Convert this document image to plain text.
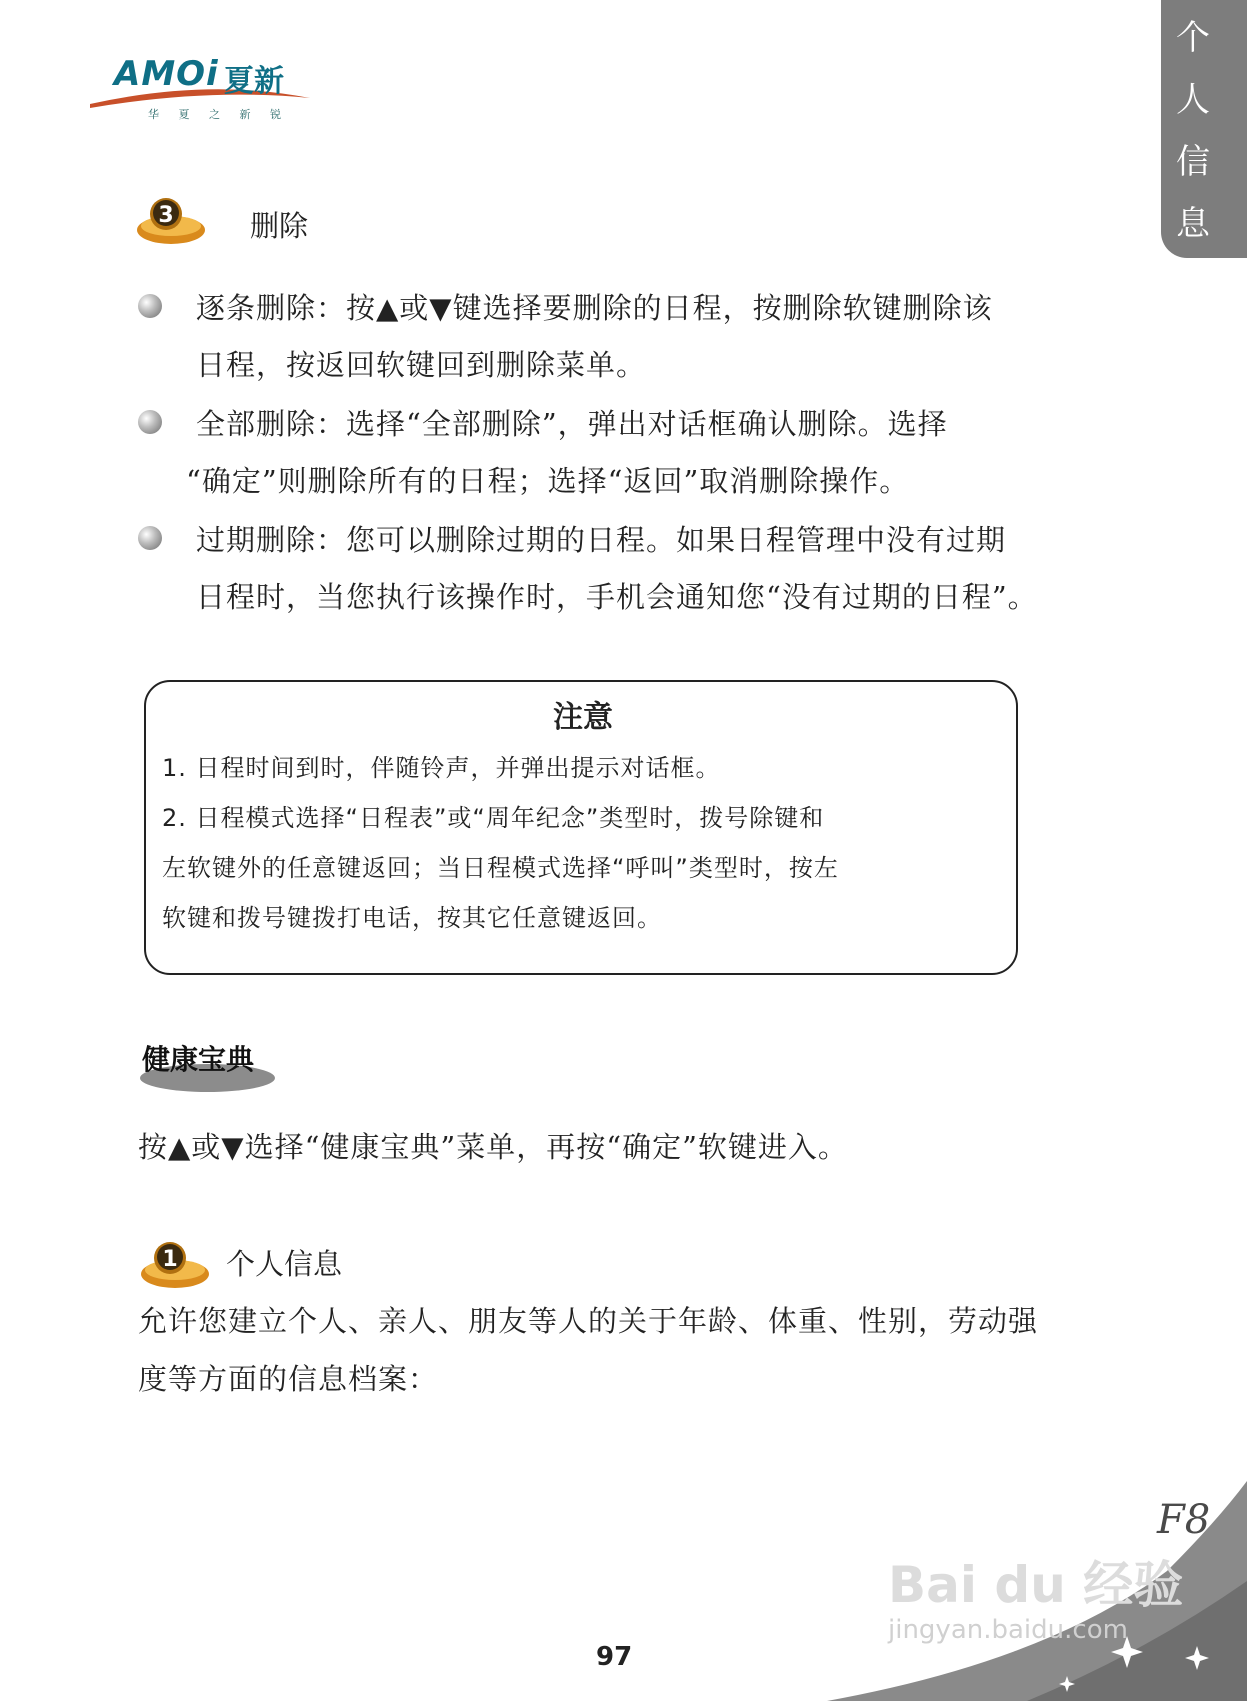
AMOi 夏新
华 夏 之 新 锐
个
人
信
息
3	删除
逐条删除：按▲或▼键选择要删除的日程，按删除软键删除该
日程，按返回软键回到删除菜单。
全部删除：选择“全部删除”，弹出对话框确认删除。选择
“确定”则删除所有的日程；选择“返回”取消删除操作。
过期删除：您可以删除过期的日程。如果日程管理中没有过期
日程时，当您执行该操作时，手机会通知您“没有过期的日程”。
注意
1. 日程时间到时，伴随铃声，并弹出提示对话框。
2. 日程模式选择“日程表”或“周年纪念”类型时，拨号除键和
左软键外的任意键返回；当日程模式选择“呼叫”类型时，按左
软键和拨号键拨打电话，按其它任意键返回。
健康宝典
按▲或▼选择“健康宝典”菜单，再按“确定”软键进入。
1 个人信息
允许您建立个人、亲人、朋友等人的关于年龄、体重、性别，劳动强
度等方面的信息档案：
F8
Bai du 经验
jingyan.baidu.com
97
